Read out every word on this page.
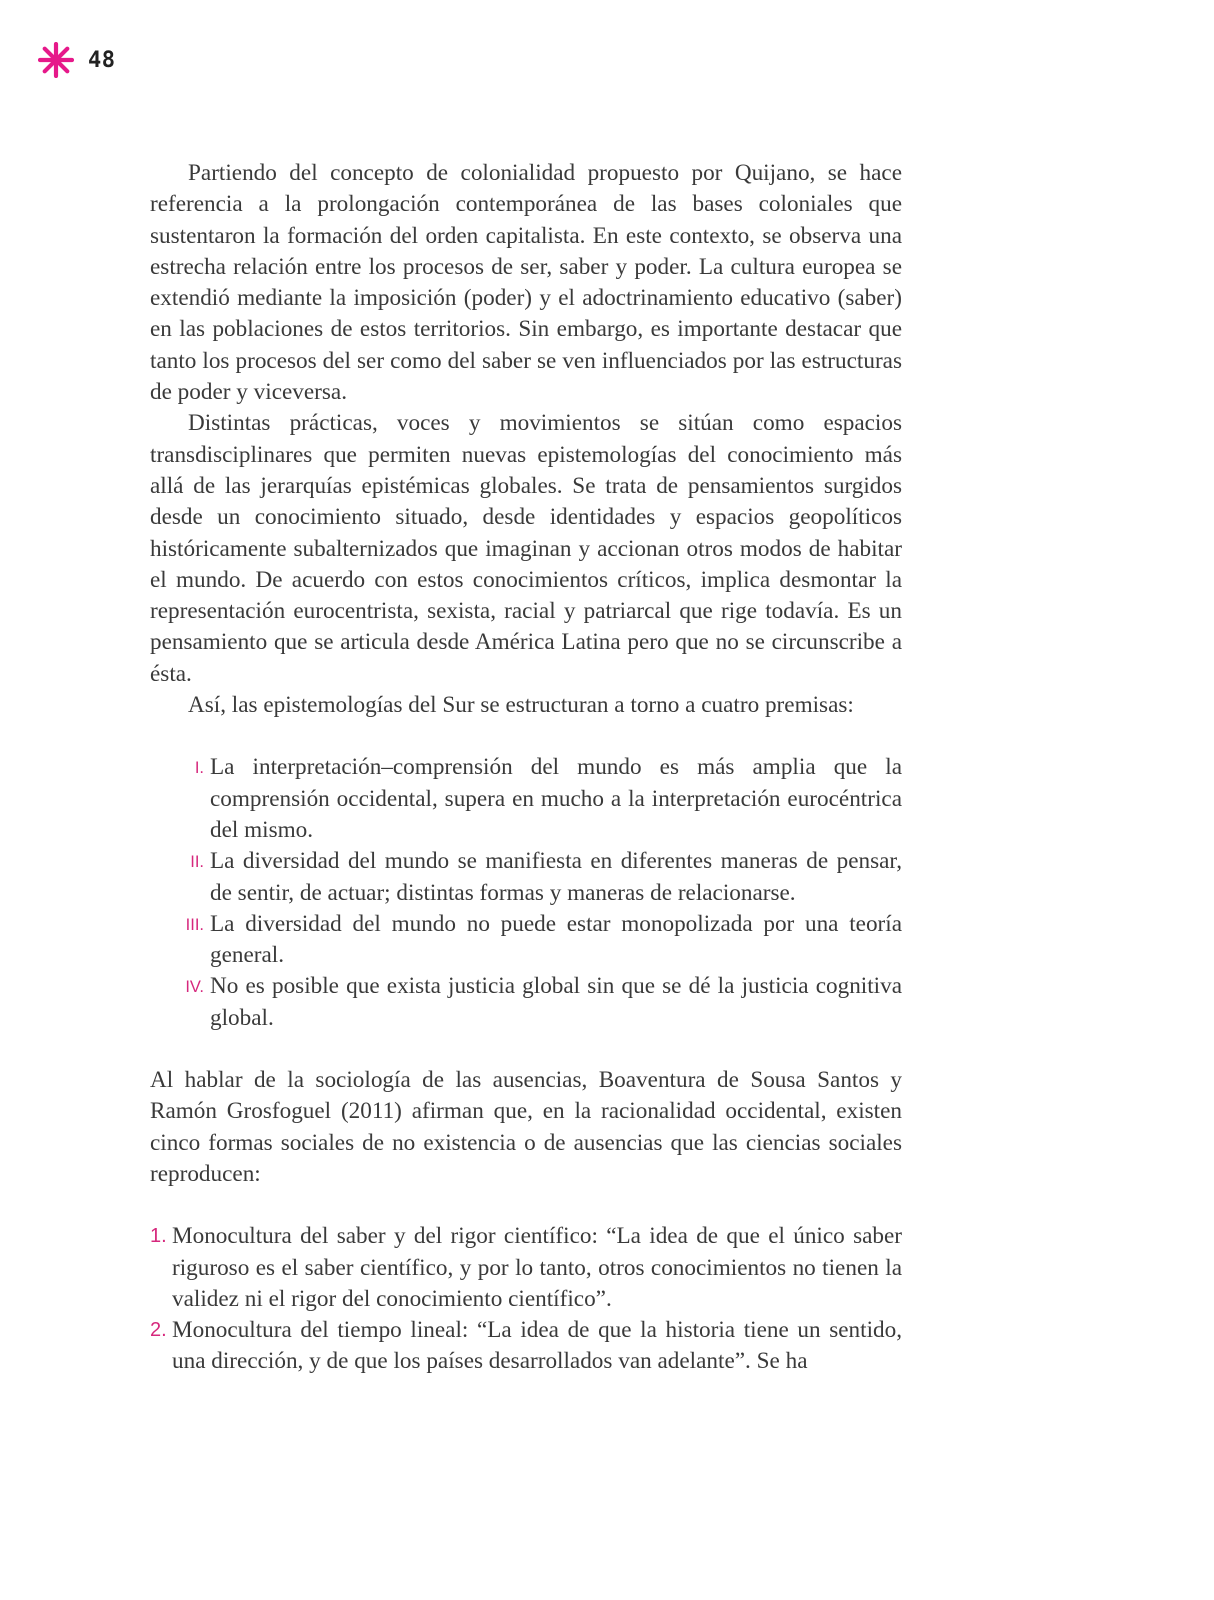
48

Partiendo del concepto de colonialidad propuesto por Quijano, se hace referencia a la prolongación contemporánea de las bases coloniales que sustentaron la formación del orden capitalista. En este contexto, se observa una estrecha relación entre los procesos de ser, saber y poder. La cultura europea se extendió mediante la imposición (poder) y el adoctrinamiento educativo (saber) en las poblaciones de estos territorios. Sin embargo, es importante destacar que tanto los procesos del ser como del saber se ven influenciados por las estructuras de poder y viceversa.

Distintas prácticas, voces y movimientos se sitúan como espacios transdisciplinares que permiten nuevas epistemologías del conocimiento más allá de las jerarquías epistémicas globales. Se trata de pensamientos surgidos desde un conocimiento situado, desde identidades y espacios geopolíticos históricamente subalternizados que imaginan y accionan otros modos de habitar el mundo. De acuerdo con estos conocimientos críticos, implica desmontar la representación eurocentrista, sexista, racial y patriarcal que rige todavía. Es un pensamiento que se articula desde América Latina pero que no se circunscribe a ésta.

Así, las epistemologías del Sur se estructuran a torno a cuatro premisas:

I. La interpretación–comprensión del mundo es más amplia que la comprensión occidental, supera en mucho a la interpretación eurocéntrica del mismo.
II. La diversidad del mundo se manifiesta en diferentes maneras de pensar, de sentir, de actuar; distintas formas y maneras de relacionarse.
III. La diversidad del mundo no puede estar monopolizada por una teoría general.
IV. No es posible que exista justicia global sin que se dé la justicia cognitiva global.

Al hablar de la sociología de las ausencias, Boaventura de Sousa Santos y Ramón Grosfoguel (2011) afirman que, en la racionalidad occidental, existen cinco formas sociales de no existencia o de ausencias que las ciencias sociales reproducen:

1. Monocultura del saber y del rigor científico: “La idea de que el único saber riguroso es el saber científico, y por lo tanto, otros conocimientos no tienen la validez ni el rigor del conocimiento científico”.
2. Monocultura del tiempo lineal: “La idea de que la historia tiene un sentido, una dirección, y de que los países desarrollados van adelante”. Se ha
